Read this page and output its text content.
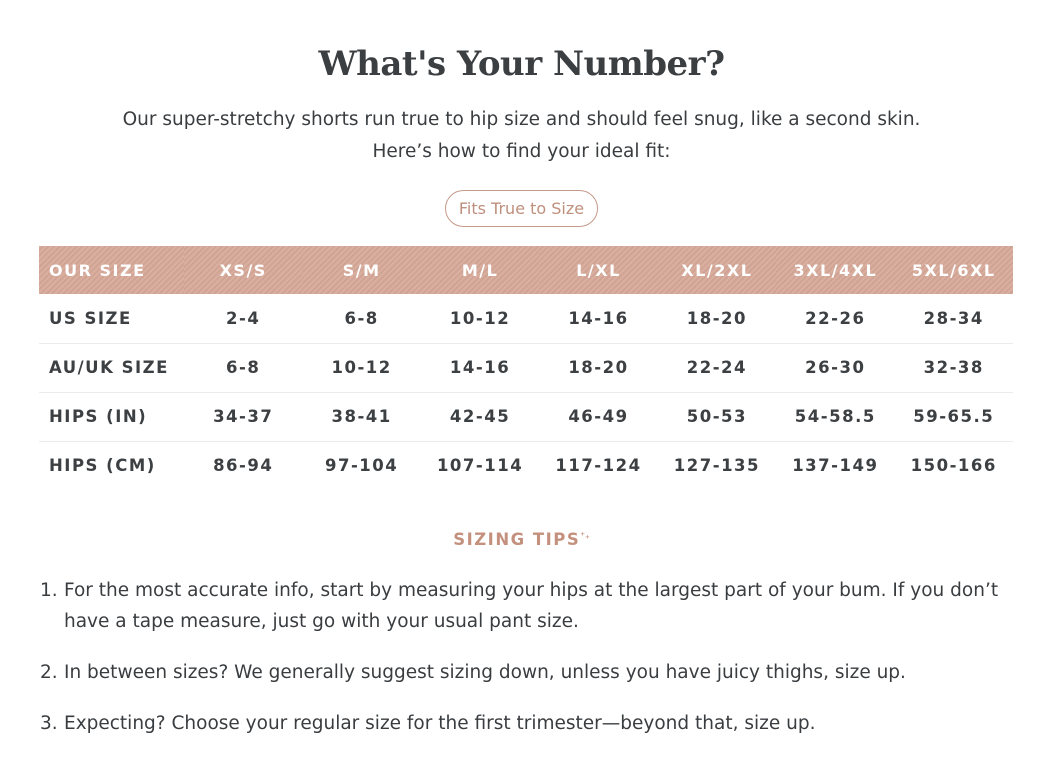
What's Your Number?

Our super-stretchy shorts run true to hip size and should feel snug, like a second skin.
Here’s how to find your ideal fit:

Fits True to Size
OUR SIZE	XS/S	S/M	M/L	L/XL	XL/2XL	3XL/4XL	5XL/6XL
US SIZE	2-4	6-8	10-12	14-16	18-20	22-26	28-34
AU/UK SIZE	6-8	10-12	14-16	18-20	22-24	26-30	32-38
HIPS (IN)	34-37	38-41	42-45	46-49	50-53	54-58.5	59-65.5
HIPS (CM)	86-94	97-104	107-114	117-124	127-135	137-149	150-166
SIZING TIPS⁺₊
1. For the most accurate info, start by measuring your hips at the largest part of your bum. If you don’t have a tape measure, just go with your usual pant size.
2. In between sizes? We generally suggest sizing down, unless you have juicy thighs, size up.
3. Expecting? Choose your regular size for the first trimester—beyond that, size up.
